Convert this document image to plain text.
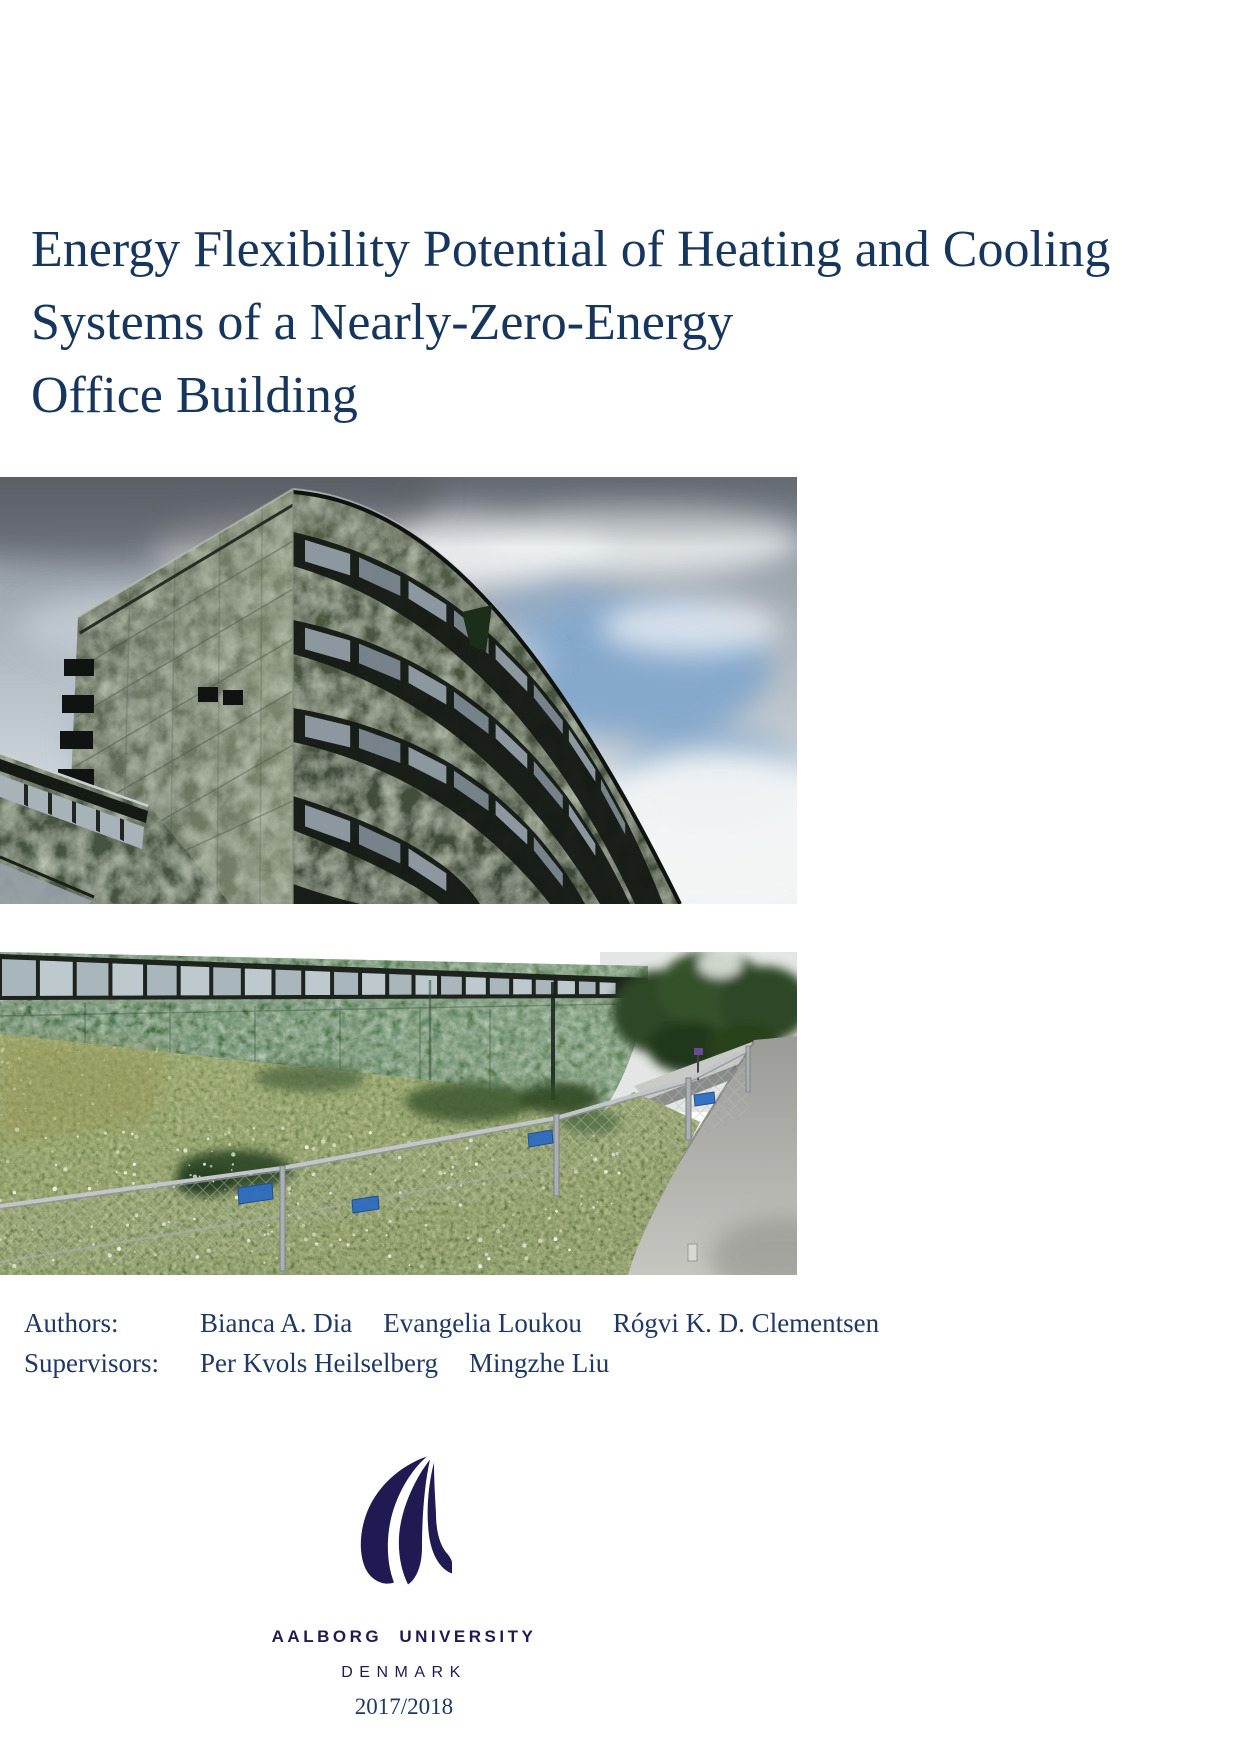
Energy Flexibility Potential of Heating and Cooling
Systems of a Nearly-Zero-Energy
Office Building
Authors:	Bianca A. Dia Evangelia Loukou Rógvi K. D. Clementsen
Supervisors:	Per Kvols Heilselberg Mingzhe Liu
AALBORG UNIVERSITY
DENMARK
2017/2018
